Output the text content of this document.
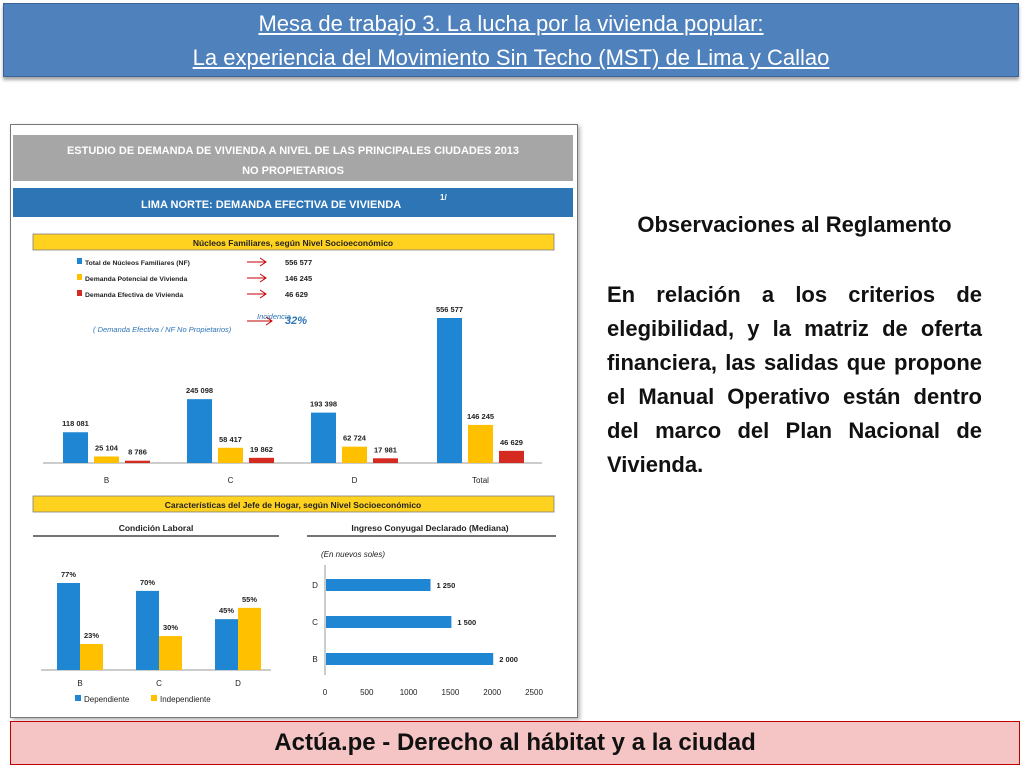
Mesa de trabajo 3. La lucha por la vivienda popular:
La experiencia del Movimiento Sin Techo (MST) de Lima y Callao
ESTUDIO DE DEMANDA DE VIVIENDA A NIVEL DE LAS PRINCIPALES CIUDADES 2013
NO PROPIETARIOS
LIMA NORTE: DEMANDA EFECTIVA DE VIVIENDA
1/
Núcleos Familiares, según Nivel Socioeconómico
Total de Núcleos Familiares (NF)	556 577
Demanda Potencial de Vivienda	146 245
Demanda Efectiva de Vivienda	46 629
Incidencia
( Demanda Efectiva / NF No Propietarios)
32%
118 081
25 104 8 786
B
245 098
58 417
19 862
C
193 398
62 724
17 981
D
556 577
146 245
46 629
Total
Características del Jefe de Hogar, según Nivel Socioeconómico
Condición Laboral
77%
23%
B
70%
30%
C
45%
55%
D
Dependiente	Independiente
Ingreso Conyugal Declarado (Mediana)
(En nuevos soles)
1 250
D
1 500
C
2 000
B
0	500	1000	1500	2000	2500
Observaciones al Reglamento

En relación a los criterios de elegibilidad, y la matriz de oferta financiera, las salidas que propone el Manual Operativo están dentro del marco del Plan Nacional de Vivienda.

Actúa.pe - Derecho al hábitat y a la ciudad
